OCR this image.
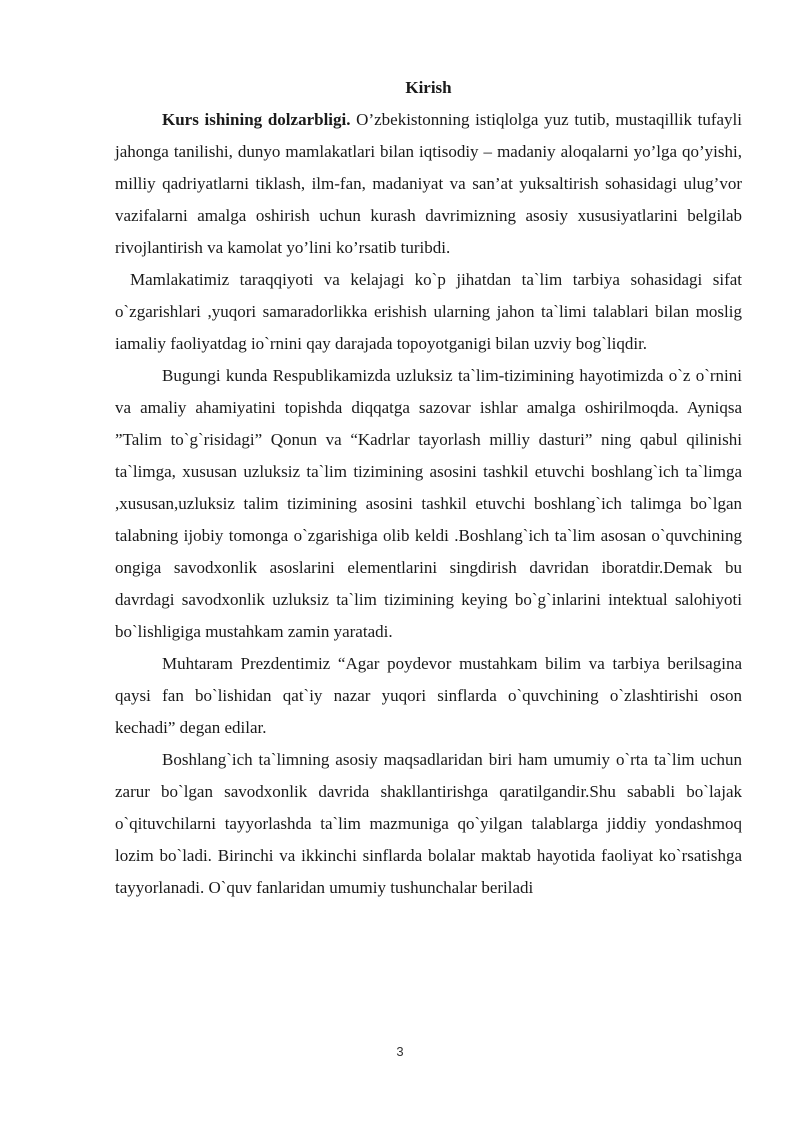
Kirish

Kurs ishining dolzarbligi. O’zbekistonning istiqlolga yuz tutib, mustaqillik tufayli jahonga tanilishi, dunyo mamlakatlari bilan iqtisodiy – madaniy aloqalarni yo’lga qo’yishi, milliy qadriyatlarni tiklash, ilm-fan, madaniyat va san’at yuksaltirish sohasidagi ulug’vor vazifalarni amalga oshirish uchun kurash davrimizning asosiy xususiyatlarini belgilab rivojlantirish va kamolat yo’lini ko’rsatib turibdi.

Mamlakatimiz taraqqiyoti va kelajagi ko`p jihatdan ta`lim tarbiya sohasidagi sifat o`zgarishlari ,yuqori samaradorlikka erishish ularning jahon ta`limi talablari bilan moslig iamaliy faoliyatdag io`rnini qay darajada topoyotganigi bilan uzviy bog`liqdir.

Bugungi kunda Respublikamizda uzluksiz ta`lim-tizimining hayotimizda o`z o`rnini va amaliy ahamiyatini topishda diqqatga sazovar ishlar amalga oshirilmoqda. Ayniqsa ”Talim to`g`risidagi” Qonun va “Kadrlar tayorlash milliy dasturi” ning qabul qilinishi ta`limga, xususan uzluksiz ta`lim tizimining asosini tashkil etuvchi boshlang`ich ta`limga ,xususan,uzluksiz talim tizimining asosini tashkil etuvchi boshlang`ich talimga bo`lgan talabning ijobiy tomonga o`zgarishiga olib keldi .Boshlang`ich ta`lim asosan o`quvchining ongiga savodxonlik asoslarini elementlarini singdirish davridan iboratdir.Demak bu davrdagi savodxonlik uzluksiz ta`lim tizimining keying bo`g`inlarini intektual salohiyoti bo`lishligiga mustahkam zamin yaratadi.

Muhtaram Prezdentimiz “Agar poydevor mustahkam bilim va tarbiya berilsagina qaysi fan bo`lishidan qat`iy nazar yuqori sinflarda o`quvchining o`zlashtirishi oson kechadi” degan edilar.

Boshlang`ich ta`limning asosiy maqsadlaridan biri ham umumiy o`rta ta`lim uchun zarur bo`lgan savodxonlik davrida shakllantirishga qaratilgandir.Shu sababli bo`lajak o`qituvchilarni tayyorlashda ta`lim mazmuniga qo`yilgan talablarga jiddiy yondashmoq lozim bo`ladi. Birinchi va ikkinchi sinflarda bolalar maktab hayotida faoliyat ko`rsatishga tayyorlanadi. O`quv fanlaridan umumiy tushunchalar beriladi

3
